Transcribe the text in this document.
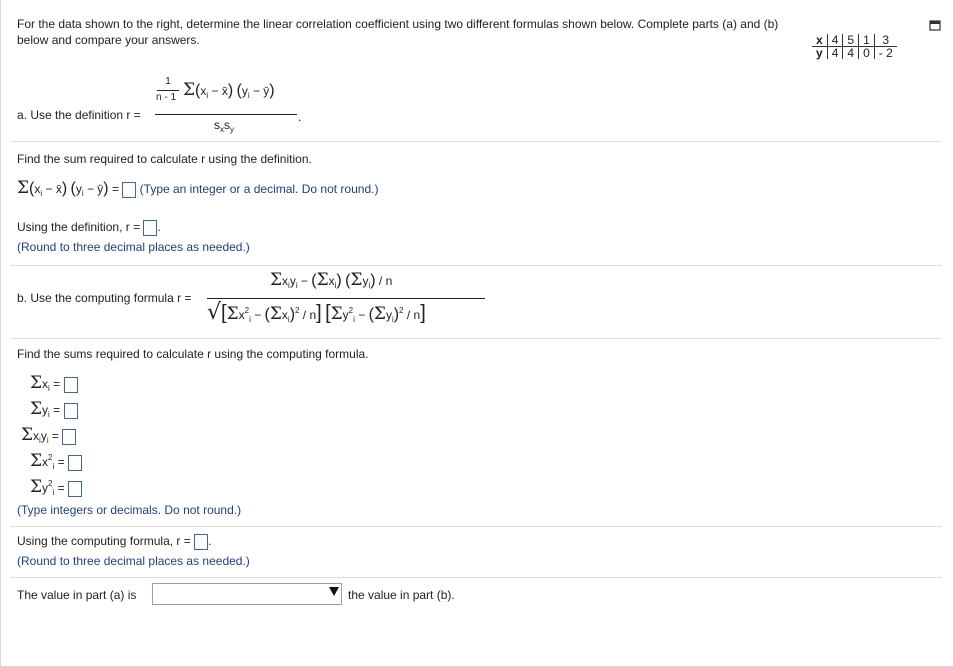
For the data shown to the right, determine the linear correlation coefficient using two different formulas shown below. Complete parts (a) and (b) below and compare your answers.	x	4	5	1	3
y	4	4	0	- 2
a. Use the definition r =
1
n - 1 $\Sigma(x_i$ − x̄) ($y_i$ − ȳ)
$s_xs_y$
.
Find the sum required to calculate r using the definition.
$\Sigma(x_i$ − x̄) ($y_i$ − ȳ) =  (Type an integer or a decimal. Do not round.)
Using the definition, r = .
(Round to three decimal places as needed.)
b. Use the computing formula r =
$\Sigma x_iy_i - (\Sigma x_i)$ $(\Sigma y_i)$ / n
$√[\Sigma x^2_i - (\Sigma x_i)^2 / n] [\Sigma y^2_i - (\Sigma y_i)^2 / n]$
Find the sums required to calculate r using the computing formula.
$\Sigma x_i$ =
$\Sigma y_i$ =
$\Sigma x_iy_i$ =
$\Sigma x^2_i$ =
$\Sigma y^2_i$ =
(Type integers or decimals. Do not round.)
Using the computing formula, r = .
(Round to three decimal places as needed.)
The value in part (a) is	the value in part (b).
